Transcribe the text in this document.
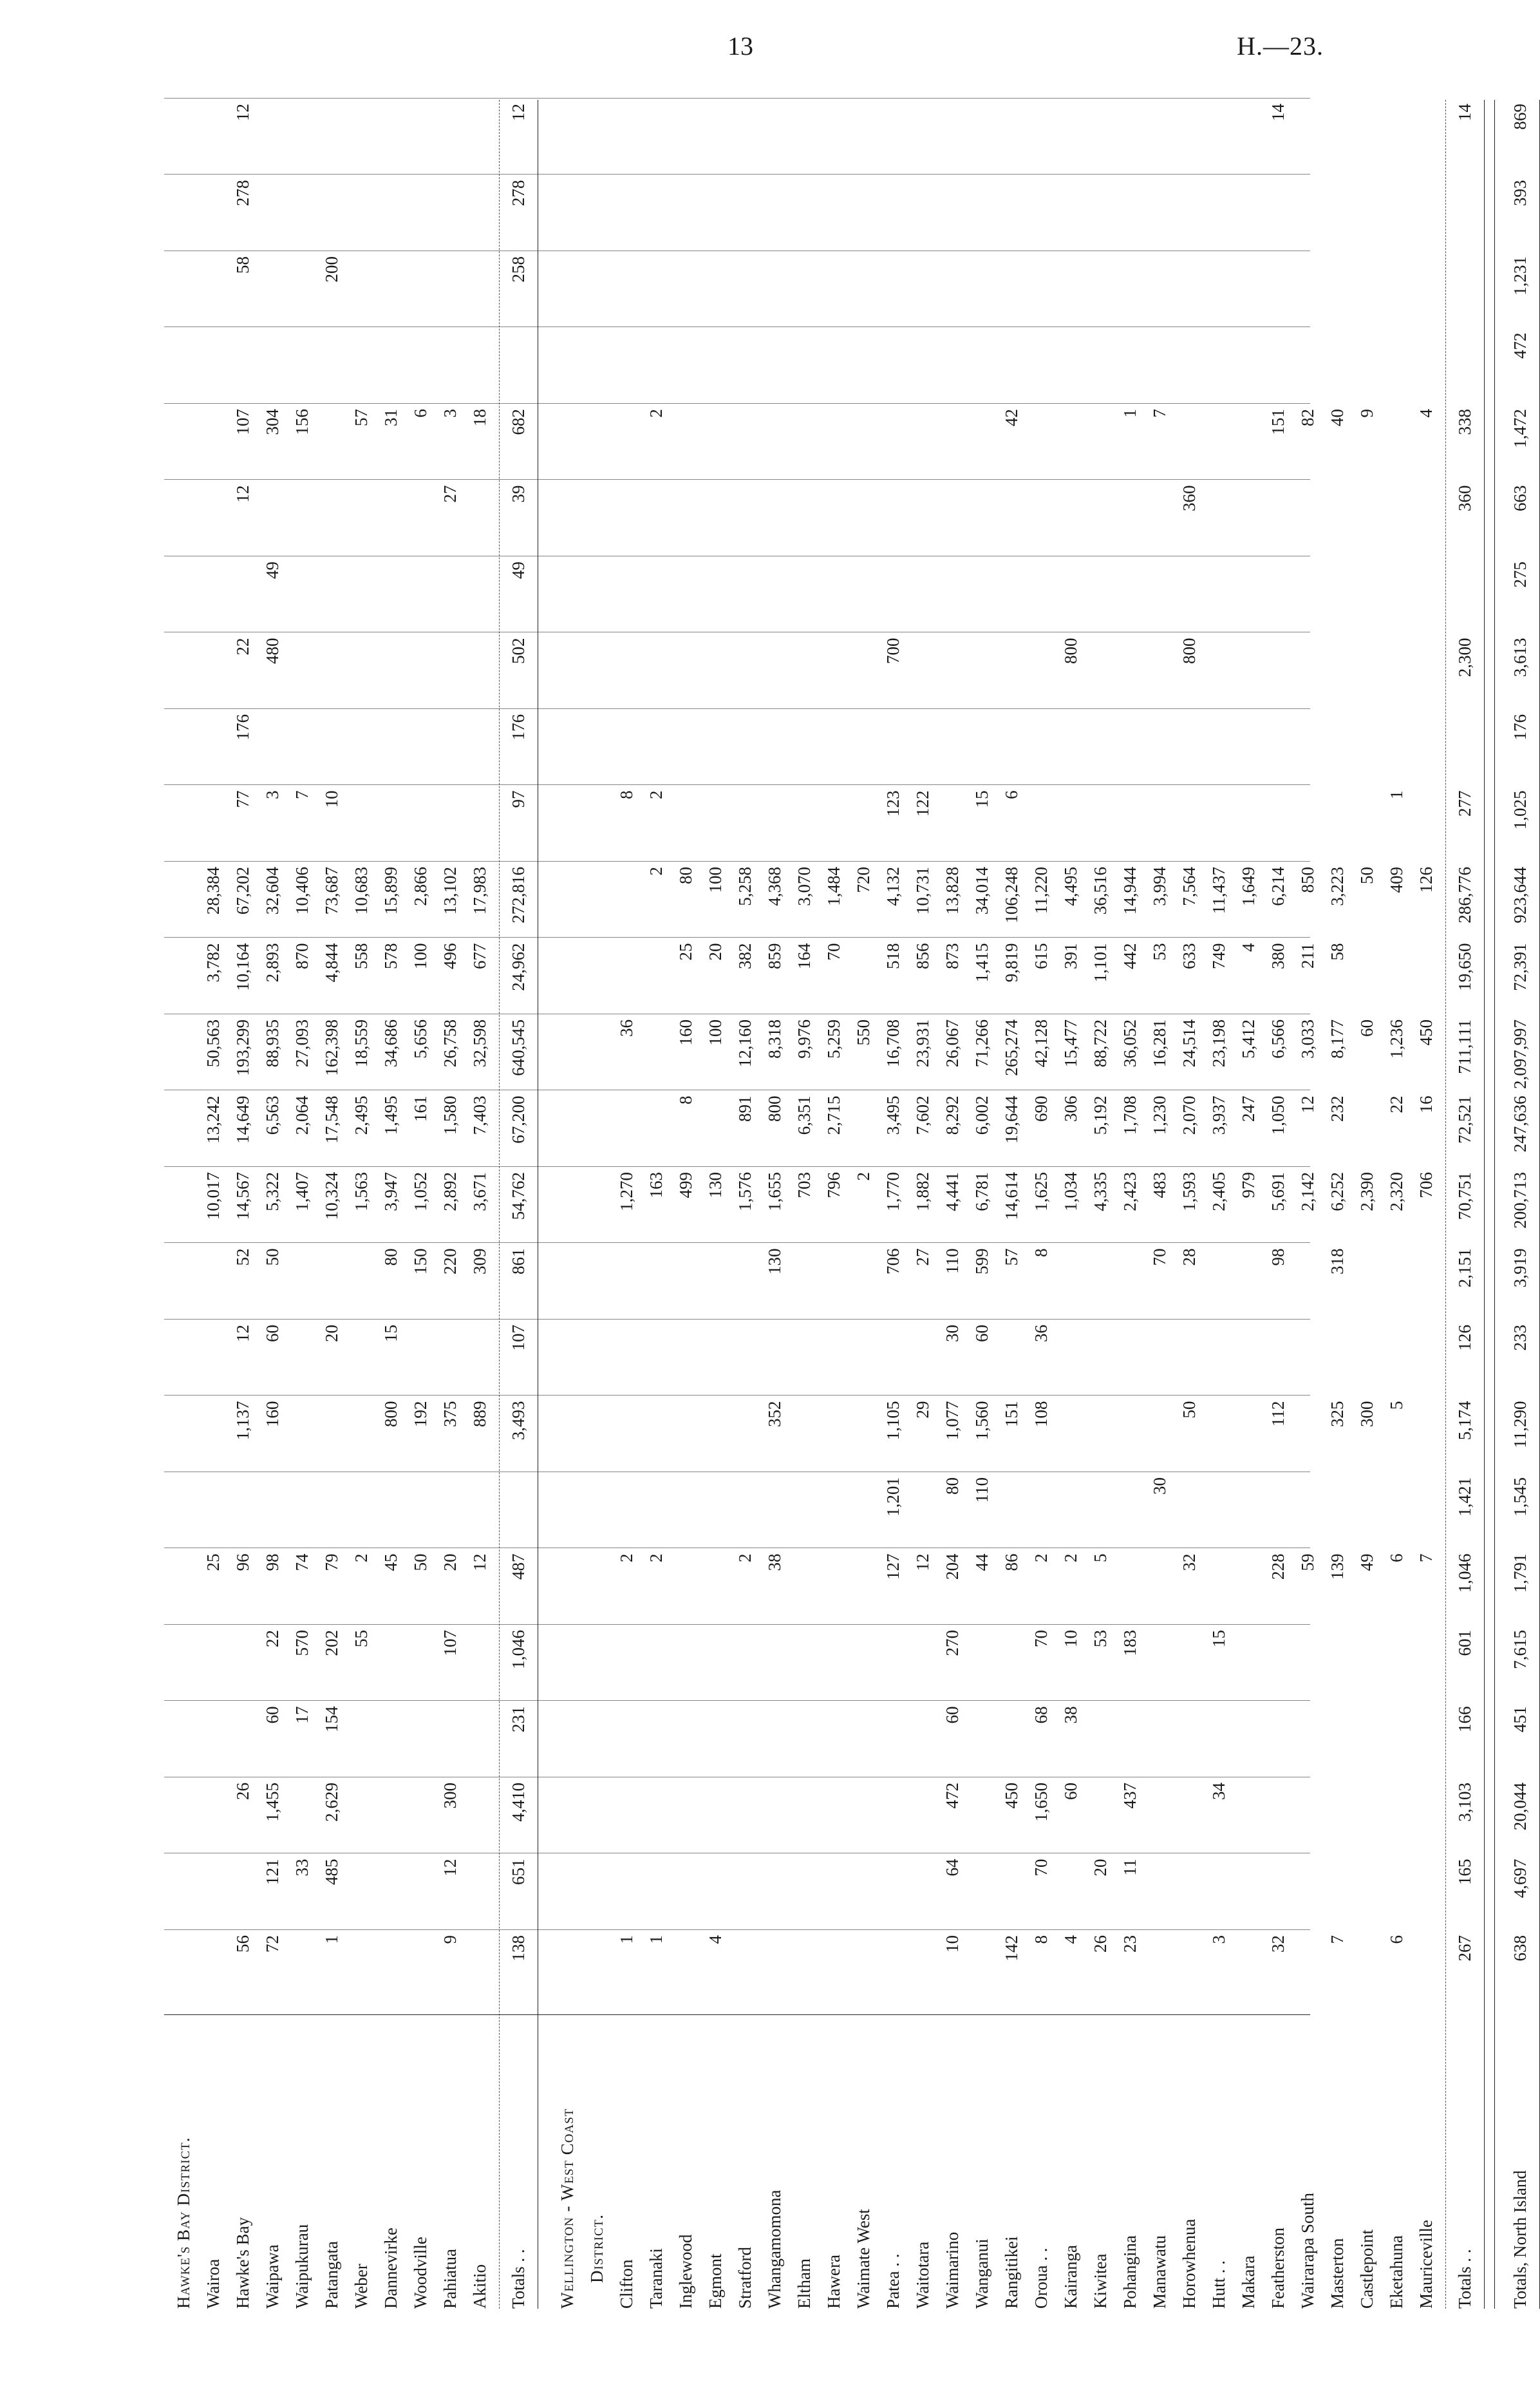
13	H.—23.
Hawke's Bay District. Wairoa
25
10,017
13,242
50,563
3,782
28,384
Hawke's Bay
56
26
96
1,137
12
52
14,567
14,649
193,299
10,164
67,202
77
176
22
12
107
58
278
12
Waipawa
72
121
1,455
60
22
98
160
60
50
5,322
6,563
88,935
2,893
32,604
3
480
49
304
Waipukurau
33
17
570
74
1,407
2,064
27,093
870
10,406
7
156
Patangata
1
485
2,629
154
202
79
20
10,324
17,548
162,398
4,844
73,687
10
200
Weber
55
2
1,563
2,495
18,559
558
10,683
57
Dannevirke
45
800
15
80
3,947
1,495
34,686
578
15,899
31
Woodville
50
192
150
1,052
161
5,656
100
2,866
6
Pahiatua
9
12
300
107
20
375
220
2,892
1,580
26,758
496
13,102
27
3
Akitio
12
889
309
3,671
7,403
32,598
677
17,983
18
Totals . .
138
651
4,410
231
1,046
487
3,493
107
861
54,762
67,200
640,545
24,962
272,816
97
176
502
49
39
682
258
278
12
Wellington - West Coast District.
Clifton
1
2
1,270
36
8
Taranaki
1
2
163
2
2
2
Inglewood
499
8
160
25
80
Egmont
4
130
100
20
100
Stratford
2
1,576
891
12,160
382
5,258
Whangamomona
38
352
130
1,655
800
8,318
859
4,368
Eltham
703
6,351
9,976
164
3,070
Hawera
796
2,715
5,259
70
1,484
Waimate West
2
550
720
Patea . .
127
1,201
1,105
706
1,770
3,495
16,708
518
4,132
123
700
Waitotara
12
29
27
1,882
7,602
23,931
856
10,731
122
Waimarino
10
64
472
60
270
204
80
1,077
30
110
4,441
8,292
26,067
873
13,828
Wanganui
44
110
1,560
60
599
6,781
6,002
71,266
1,415
34,014
15
Rangitikei
142
450
86
151
57
14,614
19,644
265,274
9,819
106,248
6
42
Oroua . .
8
70
1,650
68
70
2
108
36
8
1,625
690
42,128
615
11,220
Kairanga
4
60
38
10
2
1,034
306
15,477
391
4,495
800
Kiwitea
26
20
53
5
4,335
5,192
88,722
1,101
36,516
Pohangina
23
11
437
183
2,423
1,708
36,052
442
14,944
1
Manawatu
30
70
483
1,230
16,281
53
3,994
7
Horowhenua
32
50
28
1,593
2,070
24,514
633
7,564
800
360
Hutt . .
3
34
15
2,405
3,937
23,198
749
11,437
Makara
979
247
5,412
4
1,649
Featherston
32
228
112
98
5,691
1,050
6,566
380
6,214
151
14
Wairarapa South
59
2,142
12
3,033
211
850
82
Masterton
7
139
325
318
6,252
232
8,177
58
3,223
40
Castlepoint
49
300
2,390
60
50
9
Eketahuna
6
6
5
2,320
22
1,236
409
1
Mauriceville
7
706
16
450
126
4
Totals . .
267
165
3,103
166
601
1,046
1,421
5,174
126
2,151
70,751
72,521
711,111
19,650
286,776
277
2,300
360
338
14
Totals, North Island
638
4,697
20,044
451
7,615
1,791
1,545
11,290
233
3,919
200,713
247,636
2,097,997
72,391
923,644
1,025
176
3,613
275
663
1,472
472
1,231
393
869
